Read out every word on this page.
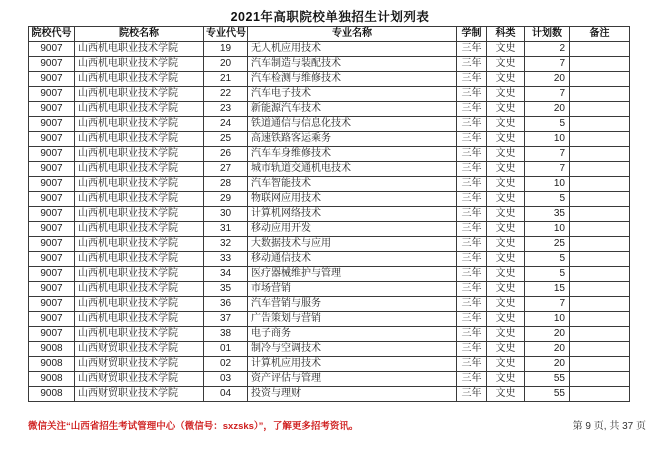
2021年高职院校单独招生计划列表
院校代号	院校名称	专业代号	专业名称	学制	科类	计划数	备注
9007	山西机电职业技术学院	19	无人机应用技术	三年	文史	2	
9007	山西机电职业技术学院	20	汽车制造与装配技术	三年	文史	7	
9007	山西机电职业技术学院	21	汽车检测与维修技术	三年	文史	20	
9007	山西机电职业技术学院	22	汽车电子技术	三年	文史	7	
9007	山西机电职业技术学院	23	新能源汽车技术	三年	文史	20	
9007	山西机电职业技术学院	24	铁道通信与信息化技术	三年	文史	5	
9007	山西机电职业技术学院	25	高速铁路客运乘务	三年	文史	10	
9007	山西机电职业技术学院	26	汽车车身维修技术	三年	文史	7	
9007	山西机电职业技术学院	27	城市轨道交通机电技术	三年	文史	7	
9007	山西机电职业技术学院	28	汽车智能技术	三年	文史	10	
9007	山西机电职业技术学院	29	物联网应用技术	三年	文史	5	
9007	山西机电职业技术学院	30	计算机网络技术	三年	文史	35	
9007	山西机电职业技术学院	31	移动应用开发	三年	文史	10	
9007	山西机电职业技术学院	32	大数据技术与应用	三年	文史	25	
9007	山西机电职业技术学院	33	移动通信技术	三年	文史	5	
9007	山西机电职业技术学院	34	医疗器械维护与管理	三年	文史	5	
9007	山西机电职业技术学院	35	市场营销	三年	文史	15	
9007	山西机电职业技术学院	36	汽车营销与服务	三年	文史	7	
9007	山西机电职业技术学院	37	广告策划与营销	三年	文史	10	
9007	山西机电职业技术学院	38	电子商务	三年	文史	20	
9008	山西财贸职业技术学院	01	制冷与空调技术	三年	文史	20	
9008	山西财贸职业技术学院	02	计算机应用技术	三年	文史	20	
9008	山西财贸职业技术学院	03	资产评估与管理	三年	文史	55	
9008	山西财贸职业技术学院	04	投资与理财	三年	文史	55	
微信关注“山西省招生考试管理中心（微信号：sxzsks）”，了解更多招考资讯。	第 9 页, 共 37 页
